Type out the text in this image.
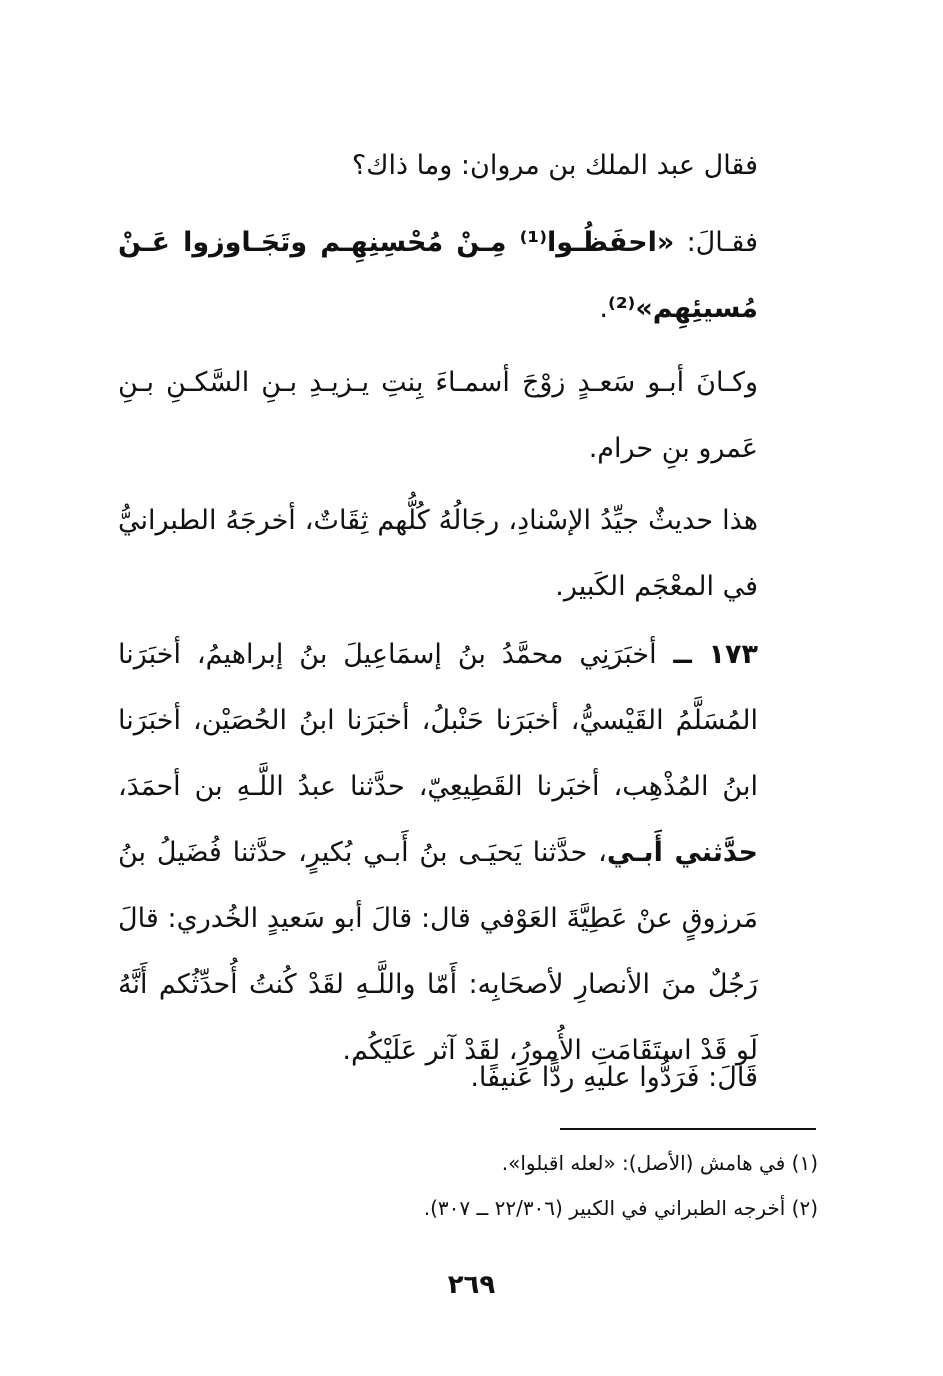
فقال عبد الملك بن مروان: وما ذاك؟
فقـالَ: «احفَظُـوا⁽¹⁾ مِـنْ مُحْسِنِهِـم وتَجَـاوزوا عَـنْ مُسيئِهِم»⁽²⁾.
وكـانَ أبـو سَعـدٍ زوْجَ أسمـاءَ بِنتِ يـزيـدِ بـنِ السَّكـنِ بـنِ عَمرو بنِ حرام.
هذا حديثٌ جيِّدُ الإسْنادِ، رجَالُهُ كُلُّهم ثِقَاتٌ، أخرجَهُ الطبرانيُّ في المعْجَم الكَبير.
١٧٣ ــ أخبَرَنِي محمَّدُ بنُ إسمَاعِيلَ بنُ إبراهيمُ، أخبَرَنا المُسَلَّمُ القَيْسيُّ، أخبَرَنا حَنْبلُ، أخبَرَنا ابنُ الحُصَيْن، أخبَرَنا ابنُ المُذْهِب، أخبَرنا القَطِيعِيّ، حدَّثنا عبدُ اللَّـهِ بن أحمَدَ، حدَّثني أَبـي، حدَّثنا يَحيَـى بنُ أَبـي بُكيرٍ، حدَّثنا فُضَيلُ بنُ مَرزوقٍ عنْ عَطِيَّةَ العَوْفي قال: قالَ أبو سَعيدٍ الخُدري: قالَ رَجُلٌ منَ الأنصارِ لأصحَابِه: أَمّا واللَّـهِ لقَدْ كُنتُ أُحدِّثُكم أَنَّهُ لَو قَدْ استَقَامَتِ الأُمورُ، لقَدْ آثر عَلَيْكُم.
قَالَ: فَرَدُّوا عليهِ ردًّا عَنيفًا.
(١) في هامش (الأصل): «لعله اقبلوا».
(٢) أخرجه الطبراني في الكبير (٢٢/٣٠٦ ــ ٣٠٧).
٢٦٩
